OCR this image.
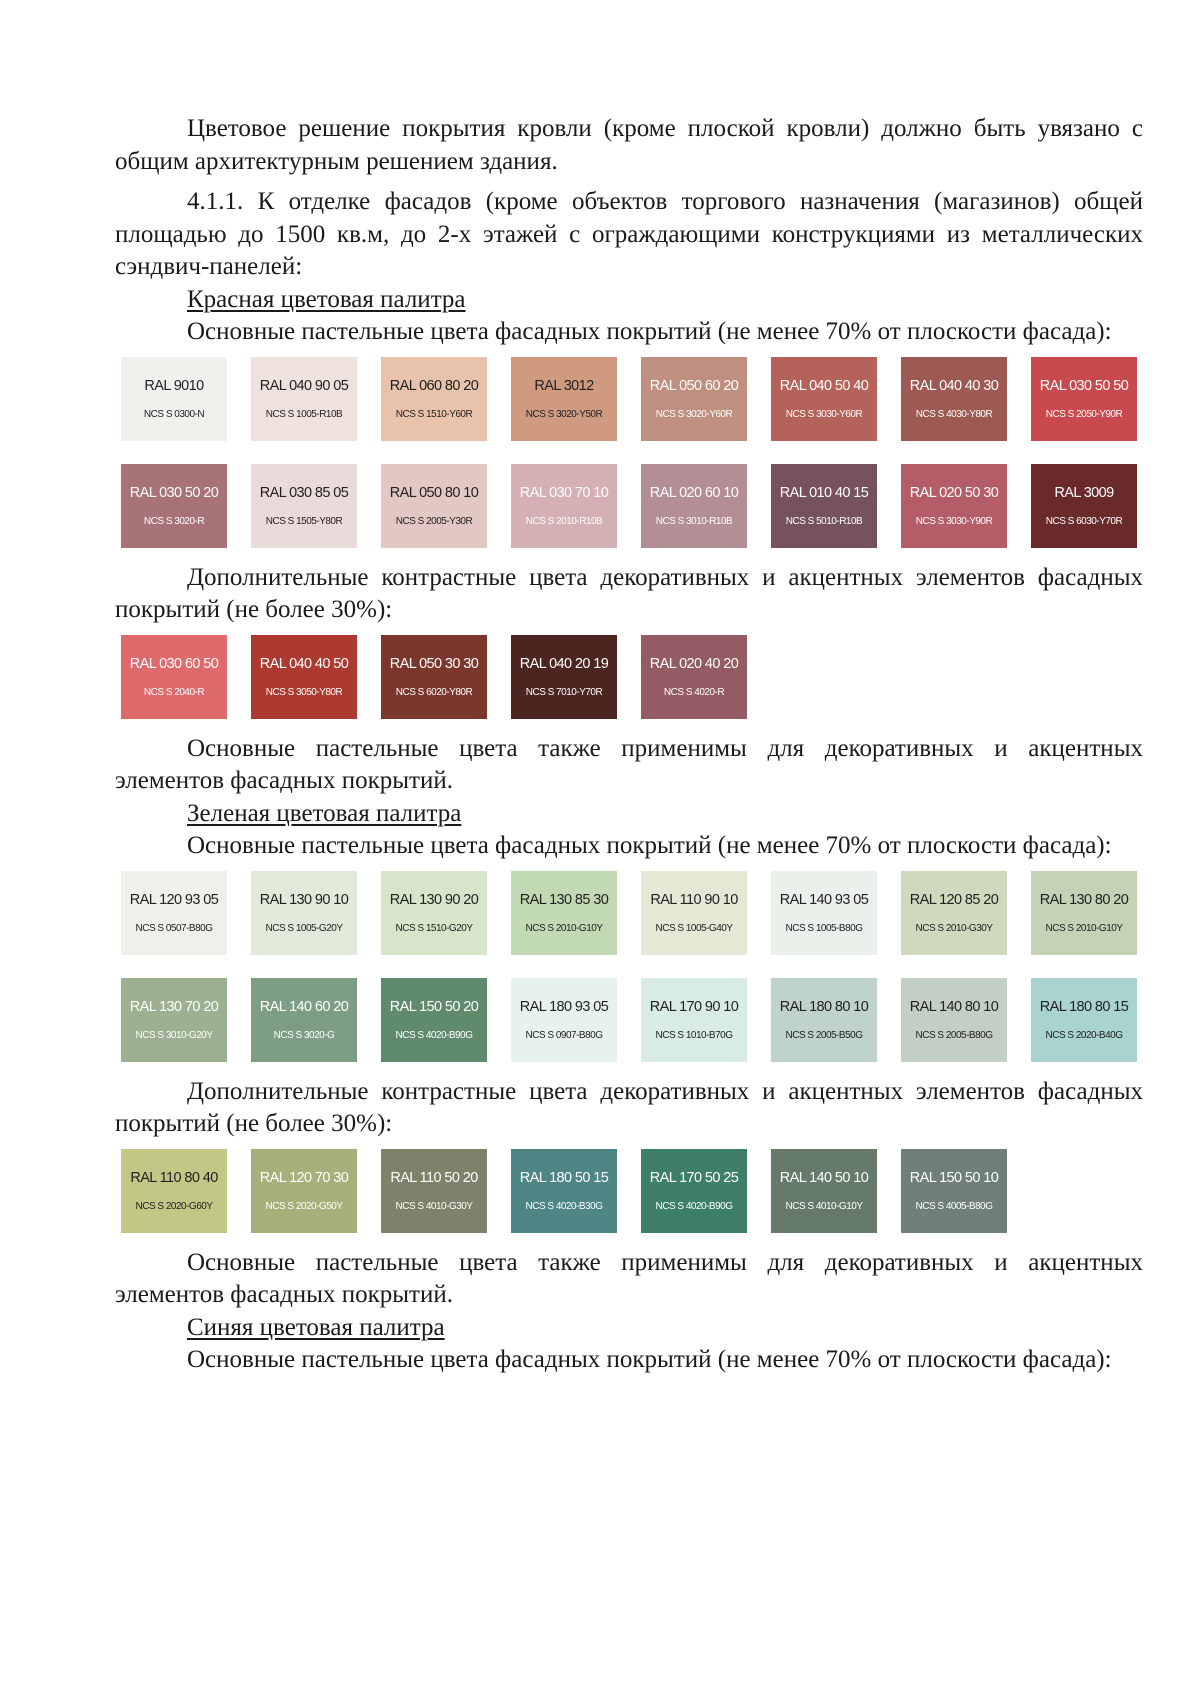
Цветовое решение покрытия кровли (кроме плоской кровли) должно быть увязано с общим архитектурным решением здания.

4.1.1. К отделке фасадов (кроме объектов торгового назначения (магазинов) общей площадью до 1500 кв.м, до 2-х этажей с ограждающими конструкциями из металлических сэндвич-панелей:

Красная цветовая палитра

Основные пастельные цвета фасадных покрытий (не менее 70% от плоскости фасада):

RAL 9010
NCS S 0300-N
RAL 040 90 05
NCS S 1005-R10B
RAL 060 80 20
NCS S 1510-Y60R
RAL 3012
NCS S 3020-Y50R
RAL 050 60 20
NCS S 3020-Y60R
RAL 040 50 40
NCS S 3030-Y60R
RAL 040 40 30
NCS S 4030-Y80R
RAL 030 50 50
NCS S 2050-Y90R
RAL 030 50 20
NCS S 3020-R
RAL 030 85 05
NCS S 1505-Y80R
RAL 050 80 10
NCS S 2005-Y30R
RAL 030 70 10
NCS S 2010-R10B
RAL 020 60 10
NCS S 3010-R10B
RAL 010 40 15
NCS S 5010-R10B
RAL 020 50 30
NCS S 3030-Y90R
RAL 3009
NCS S 6030-Y70R

Дополнительные контрастные цвета декоративных и акцентных элементов фасадных покрытий (не более 30%):

RAL 030 60 50
NCS S 2040-R
RAL 040 40 50
NCS S 3050-Y80R
RAL 050 30 30
NCS S 6020-Y80R
RAL 040 20 19
NCS S 7010-Y70R
RAL 020 40 20
NCS S 4020-R

Основные пастельные цвета также применимы для декоративных и акцентных элементов фасадных покрытий.

Зеленая цветовая палитра

Основные пастельные цвета фасадных покрытий (не менее 70% от плоскости фасада):

RAL 120 93 05
NCS S 0507-B80G
RAL 130 90 10
NCS S 1005-G20Y
RAL 130 90 20
NCS S 1510-G20Y
RAL 130 85 30
NCS S 2010-G10Y
RAL 110 90 10
NCS S 1005-G40Y
RAL 140 93 05
NCS S 1005-B80G
RAL 120 85 20
NCS S 2010-G30Y
RAL 130 80 20
NCS S 2010-G10Y
RAL 130 70 20
NCS S 3010-G20Y
RAL 140 60 20
NCS S 3020-G
RAL 150 50 20
NCS S 4020-B90G
RAL 180 93 05
NCS S 0907-B80G
RAL 170 90 10
NCS S 1010-B70G
RAL 180 80 10
NCS S 2005-B50G
RAL 140 80 10
NCS S 2005-B80G
RAL 180 80 15
NCS S 2020-B40G

Дополнительные контрастные цвета декоративных и акцентных элементов фасадных покрытий (не более 30%):

RAL 110 80 40
NCS S 2020-G60Y
RAL 120 70 30
NCS S 2020-G50Y
RAL 110 50 20
NCS S 4010-G30Y
RAL 180 50 15
NCS S 4020-B30G
RAL 170 50 25
NCS S 4020-B90G
RAL 140 50 10
NCS S 4010-G10Y
RAL 150 50 10
NCS S 4005-B80G

Основные пастельные цвета также применимы для декоративных и акцентных элементов фасадных покрытий.

Синяя цветовая палитра

Основные пастельные цвета фасадных покрытий (не менее 70% от плоскости фасада):
